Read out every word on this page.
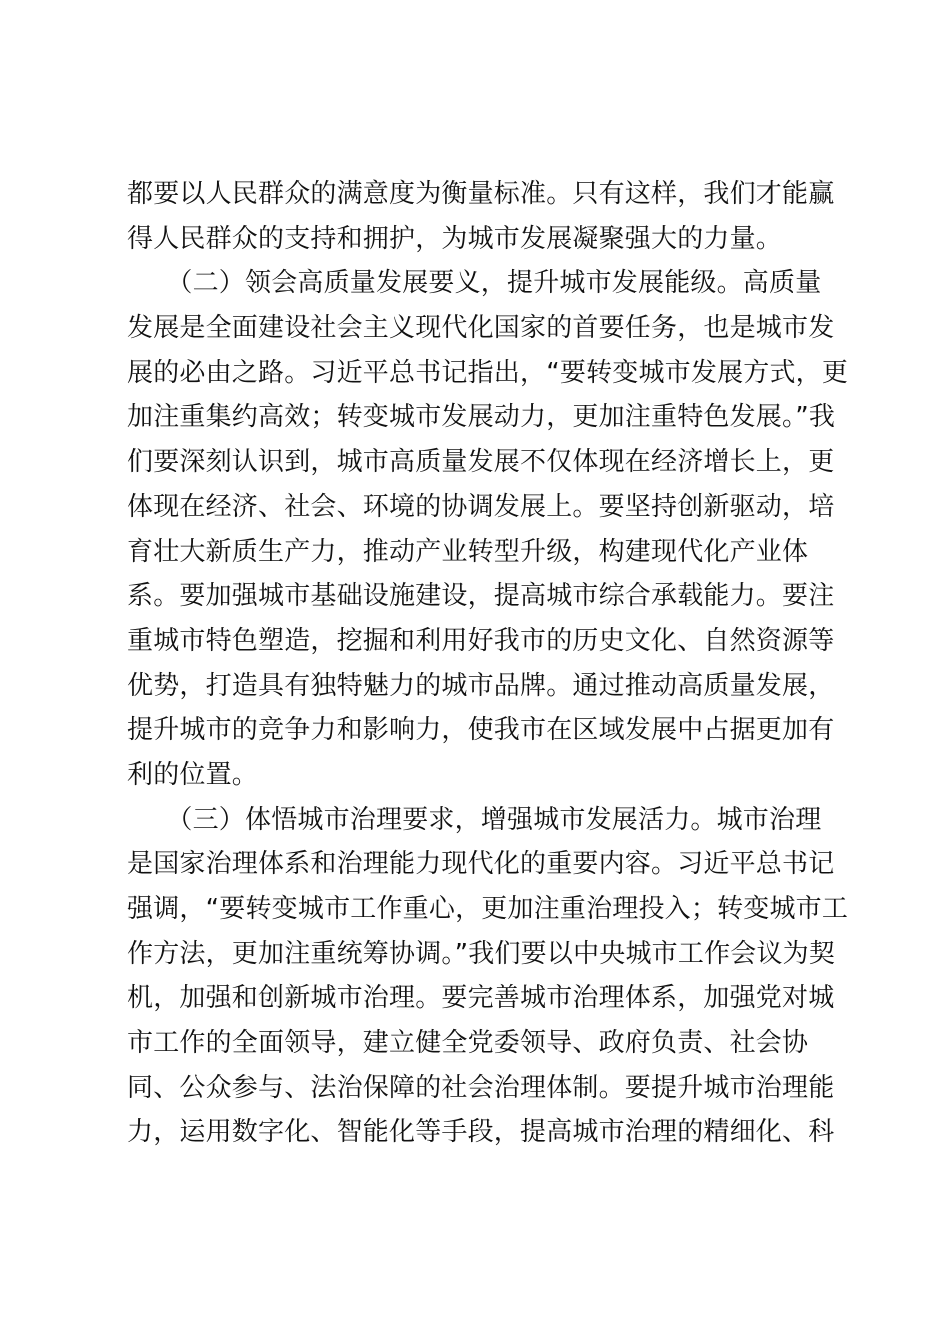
都要以人民群众的满意度为衡量标准。只有这样，我们才能赢
得人民群众的支持和拥护，为城市发展凝聚强大的力量。
　　（二）领会高质量发展要义，提升城市发展能级。高质量
发展是全面建设社会主义现代化国家的首要任务，也是城市发
展的必由之路。习近平总书记指出，“要转变城市发展方式，更
加注重集约高效；转变城市发展动力，更加注重特色发展。”我
们要深刻认识到，城市高质量发展不仅体现在经济增长上，更
体现在经济、社会、环境的协调发展上。要坚持创新驱动，培
育壮大新质生产力，推动产业转型升级，构建现代化产业体
系。要加强城市基础设施建设，提高城市综合承载能力。要注
重城市特色塑造，挖掘和利用好我市的历史文化、自然资源等
优势，打造具有独特魅力的城市品牌。通过推动高质量发展，
提升城市的竞争力和影响力，使我市在区域发展中占据更加有
利的位置。
　　（三）体悟城市治理要求，增强城市发展活力。城市治理
是国家治理体系和治理能力现代化的重要内容。习近平总书记
强调，“要转变城市工作重心，更加注重治理投入；转变城市工
作方法，更加注重统筹协调。”我们要以中央城市工作会议为契
机，加强和创新城市治理。要完善城市治理体系，加强党对城
市工作的全面领导，建立健全党委领导、政府负责、社会协
同、公众参与、法治保障的社会治理体制。要提升城市治理能
力，运用数字化、智能化等手段，提高城市治理的精细化、科
